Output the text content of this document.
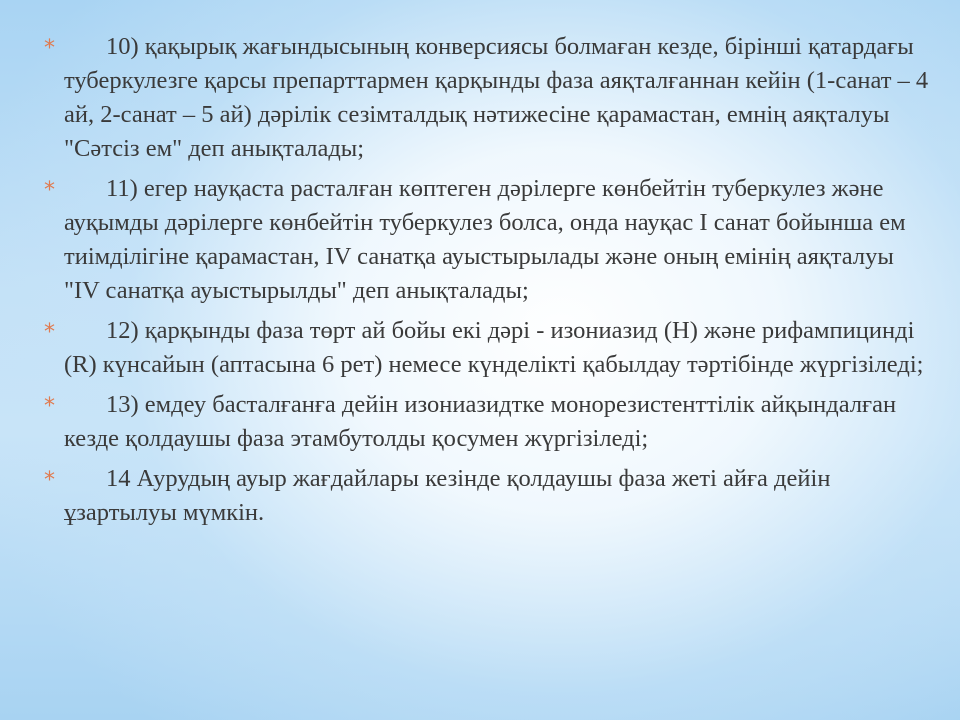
*	10) қақырық жағындысының конверсиясы болмаған кезде, бірінші қатардағы туберкулезге қарсы препарттармен қарқынды фаза аяқталғаннан кейін (1-санат – 4 ай, 2-санат – 5 ай) дәрілік сезімталдық нәтижесіне қарамастан, емнің аяқталуы "Сәтсіз ем" деп анықталады;
*	11) егер науқаста расталған көптеген дәрілерге көнбейтін туберкулез және ауқымды дәрілерге көнбейтін туберкулез болса, онда науқас I санат бойынша ем тиімділігіне қарамастан, IV санатқа ауыстырылады және оның емінің аяқталуы "IV санатқа ауыстырылды" деп анықталады;
*	12) қарқынды фаза төрт ай бойы екі дәрі - изониазид (H) және рифампицинді (R) күнсайын (аптасына 6 рет) немесе күнделікті қабылдау тәртібінде жүргізіледі;
*	13) емдеу басталғанға дейін изониазидтке монорезистенттілік айқындалған кезде қолдаушы фаза этамбутолды қосумен жүргізіледі;
*	14 Аурудың ауыр жағдайлары кезінде қолдаушы фаза жеті айға дейін ұзартылуы мүмкін.
